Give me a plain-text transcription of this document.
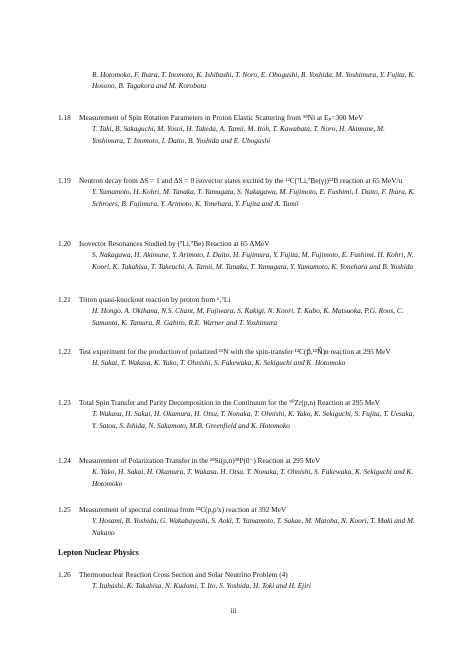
R. Hotomoko, F. Ihara, T. Inomoto, K. Ishibashi, T. Noro, E. Obogushi, B. Yoshida, M. Yoshimura, Y. Fujita, K. Hosono, B. Tagakora and M. Korobota
1.18	Measurement of Spin Rotation Parameters in Proton Elastic Scattering from ⁵⁸Ni at Eₚ=300 MeV
T. Taki, B. Sakaguchi, M. Yosoi, H. Takeda, A. Tamii, M. Itoh, T. Kawabata, T. Noro, H. Akimune, M. Yoshimura, T. Inomoto, I. Daito, B. Yoshida and E. Ubogushi
1.19	Neutron decay from ΔS = 1 and ΔS = 0 isovector states excited by the ¹²C(⁷Li,⁷Be(γ))¹²B reaction at 65 MeV/u
Y. Yamamoto, H. Kohri, M. Tanaka, T. Yamagata, S. Nakagawa, M. Fujimoto, E. Fushimi, I. Daito, F. Ihara, K. Schroers, B. Fujimura, Y. Arimoto, K. Yonehara, Y. Fujita and A. Tamii
1.20	Isovector Resonances Studied by (⁷Li,⁷Be) Reaction at 65 AMeV
S. Nakagawa, H. Akimune, Y. Arimoto, I. Daito, H. Fujimura, Y. Fujita, M. Fujimoto, E. Fushimi, H. Kohri, N. Koori, K. Takahisa, T. Takeuchi, A. Tamii, M. Tanaka, T. Yamagata, Y. Yamamoto, K. Yonehara and B. Yoshida
1.21	Triton quasi-knockout reaction by proton from ⁶,⁷Li
H. Hongo, A. Okihana, N.S. Chant, M. Fujiwara, S. Kakigi, N. Koori, T. Kubo, K. Matsuoka, P.G. Roos, C. Samanta, K. Tamura, R. Gabiro, R.E. Warner and T. Yoshimura
1.22	Test experiment for the production of polarized ¹²N with the spin-transfer ¹²C(p⃗,¹²N⃗)n reaction at 295 MeV
H. Sakai, T. Wakasa, K. Yako, T. Ohnishi, S. Fakewaka, K. Sekiguchi and K. Hotomoko
1.23	Total Spin Transfer and Parity Decomposition in the Continuum for the ⁹⁰Zr(p,n) Reaction at 295 MeV
T. Wakasa, H. Sakai, H. Okamura, H. Otsu, T. Nonaka, T. Ohnishi, K. Yako, K. Sekiguchi, S. Fujita, T. Uesaka, Y. Satou, S. Ishida, N. Sakamoto, M.B. Greenfield and K. Hotomoko
1.24	Measurement of Polarization Transfer in the ²⁸Si(p,n)²⁸P(0⁻) Reaction at 295 MeV
K. Yako, H. Sakai, H. Okamura, T. Wakasa, H. Otsu, T. Nonaka, T. Ohnishi, S. Fakewaka, K. Sekiguchi and K. Hotomoko
1.25	Measurement of spectral continua from ¹²C(p,p'x) reaction at 392 MeV
Y. Hosami, B. Yoshida, G. Wakabayashi, S. Aoki, T. Yamamoto, T. Sakae, M. Matoba, N. Koori, T. Maki and M. Nakano
Lepton Nuclear Physics
1.26	Thermonuclear Reaction Cross Section and Solar Neutrino Problem (4)
T. Itahashi, K. Takahisa, N. Kudomi, T. Ito, S. Yoshida, H. Toki and H. Ejiri
iii
